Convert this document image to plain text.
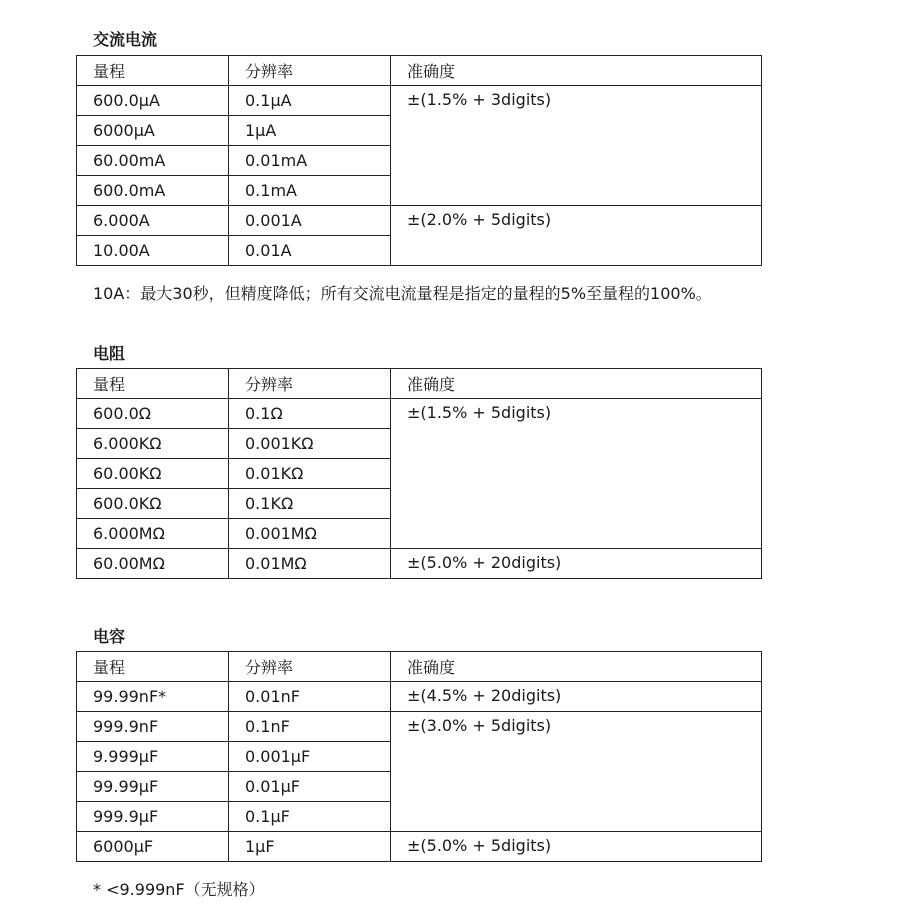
交流电流
量程	分辨率	准确度
600.0μA	0.1μA	±(1.5% + 3digits)
6000μA	1μA	
60.00mA	0.01mA	
600.0mA	0.1mA	
6.000A	0.001A	±(2.0% + 5digits)
10.00A	0.01A	
10A：最大30秒，但精度降低；所有交流电流量程是指定的量程的5%至量程的100%。
电阻
量程	分辨率	准确度
600.0Ω	0.1Ω	±(1.5% + 5digits)
6.000KΩ	0.001KΩ	
60.00KΩ	0.01KΩ	
600.0KΩ	0.1KΩ	
6.000MΩ	0.001MΩ	
60.00MΩ	0.01MΩ	±(5.0% + 20digits)
电容
量程	分辨率	准确度
99.99nF*	0.01nF	±(4.5% + 20digits)
999.9nF	0.1nF	±(3.0% + 5digits)
9.999μF	0.001μF	
99.99μF	0.01μF	
999.9μF	0.1μF	
6000μF	1μF	±(5.0% + 5digits)
* <9.999nF（无规格）
